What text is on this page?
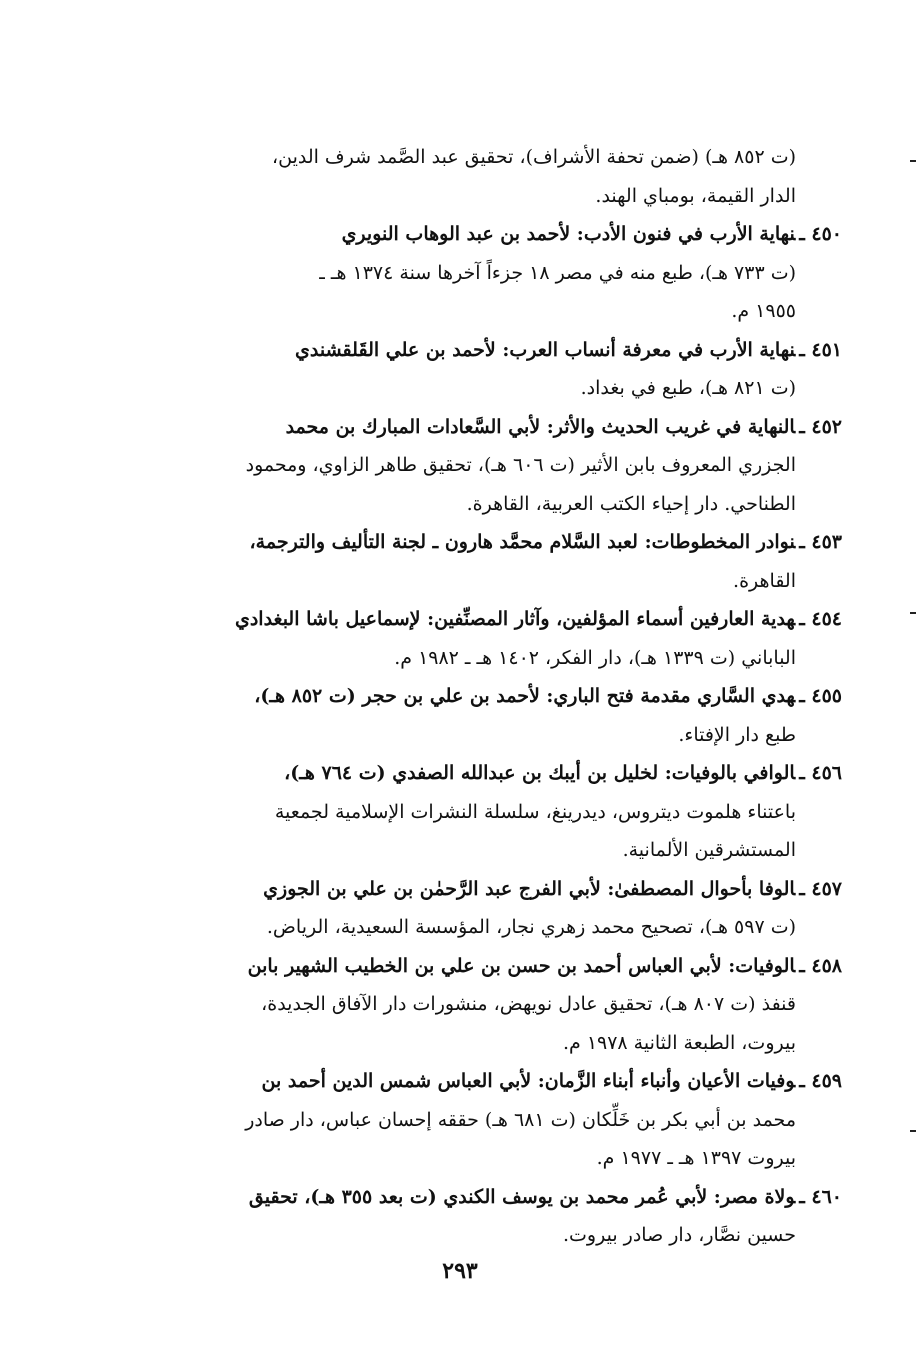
(ت ٨٥٢ هـ) (ضمن تحفة الأشراف)، تحقيق عبد الصَّمد شرف الدين،
الدار القيمة، بومباي الهند.
٤٥٠ ـنهاية الأرب في فنون الأدب: لأحمد بن عبد الوهاب النويري
(ت ٧٣٣ هـ)، طبع منه في مصر ١٨ جزءاً آخرها سنة ١٣٧٤ هـ ـ
١٩٥٥ م.
٤٥١ ـنهاية الأرب في معرفة أنساب العرب: لأحمد بن علي القَلقشندي
(ت ٨٢١ هـ)، طبع في بغداد.
٤٥٢ ـالنهاية في غريب الحديث والأثر: لأبي السَّعادات المبارك بن محمد
الجزري المعروف بابن الأثير (ت ٦٠٦ هـ)، تحقيق طاهر الزاوي، ومحمود
الطناحي. دار إحياء الكتب العربية، القاهرة.
٤٥٣ ـنوادر المخطوطات: لعبد السَّلام محمَّد هارون ـ لجنة التأليف والترجمة،
القاهرة.
٤٥٤ ـهدية العارفين أسماء المؤلفين، وآثار المصنِّفين: لإسماعيل باشا البغدادي
الباباني (ت ١٣٣٩ هـ)، دار الفكر، ١٤٠٢ هـ ـ ١٩٨٢ م.
٤٥٥ ـهدي السَّاري مقدمة فتح الباري: لأحمد بن علي بن حجر (ت ٨٥٢ هـ)،
طبع دار الإفتاء.
٤٥٦ ـالوافي بالوفيات: لخليل بن أيبك بن عبدالله الصفدي (ت ٧٦٤ هـ)،
باعتناء هلموت ديتروس، ديدرينغ، سلسلة النشرات الإسلامية لجمعية
المستشرقين الألمانية.
٤٥٧ ـالوفا بأحوال المصطفىٰ: لأبي الفرج عبد الرَّحمٰن بن علي بن الجوزي
(ت ٥٩٧ هـ)، تصحيح محمد زهري نجار، المؤسسة السعيدية، الرياض.
٤٥٨ ـالوفيات: لأبي العباس أحمد بن حسن بن علي بن الخطيب الشهير بابن
قنفذ (ت ٨٠٧ هـ)، تحقيق عادل نويهض، منشورات دار الآفاق الجديدة،
بيروت، الطبعة الثانية ١٩٧٨ م.
٤٥٩ ـوفيات الأعيان وأنباء أبناء الزَّمان: لأبي العباس شمس الدين أحمد بن
محمد بن أبي بكر بن خَلِّكان (ت ٦٨١ هـ) حققه إحسان عباس، دار صادر
بيروت ١٣٩٧ هـ ـ ١٩٧٧ م.
٤٦٠ ـولاة مصر: لأبي عُمر محمد بن يوسف الكندي (ت بعد ٣٥٥ هـ)، تحقيق
حسين نصَّار، دار صادر بيروت.
٢٩٣
